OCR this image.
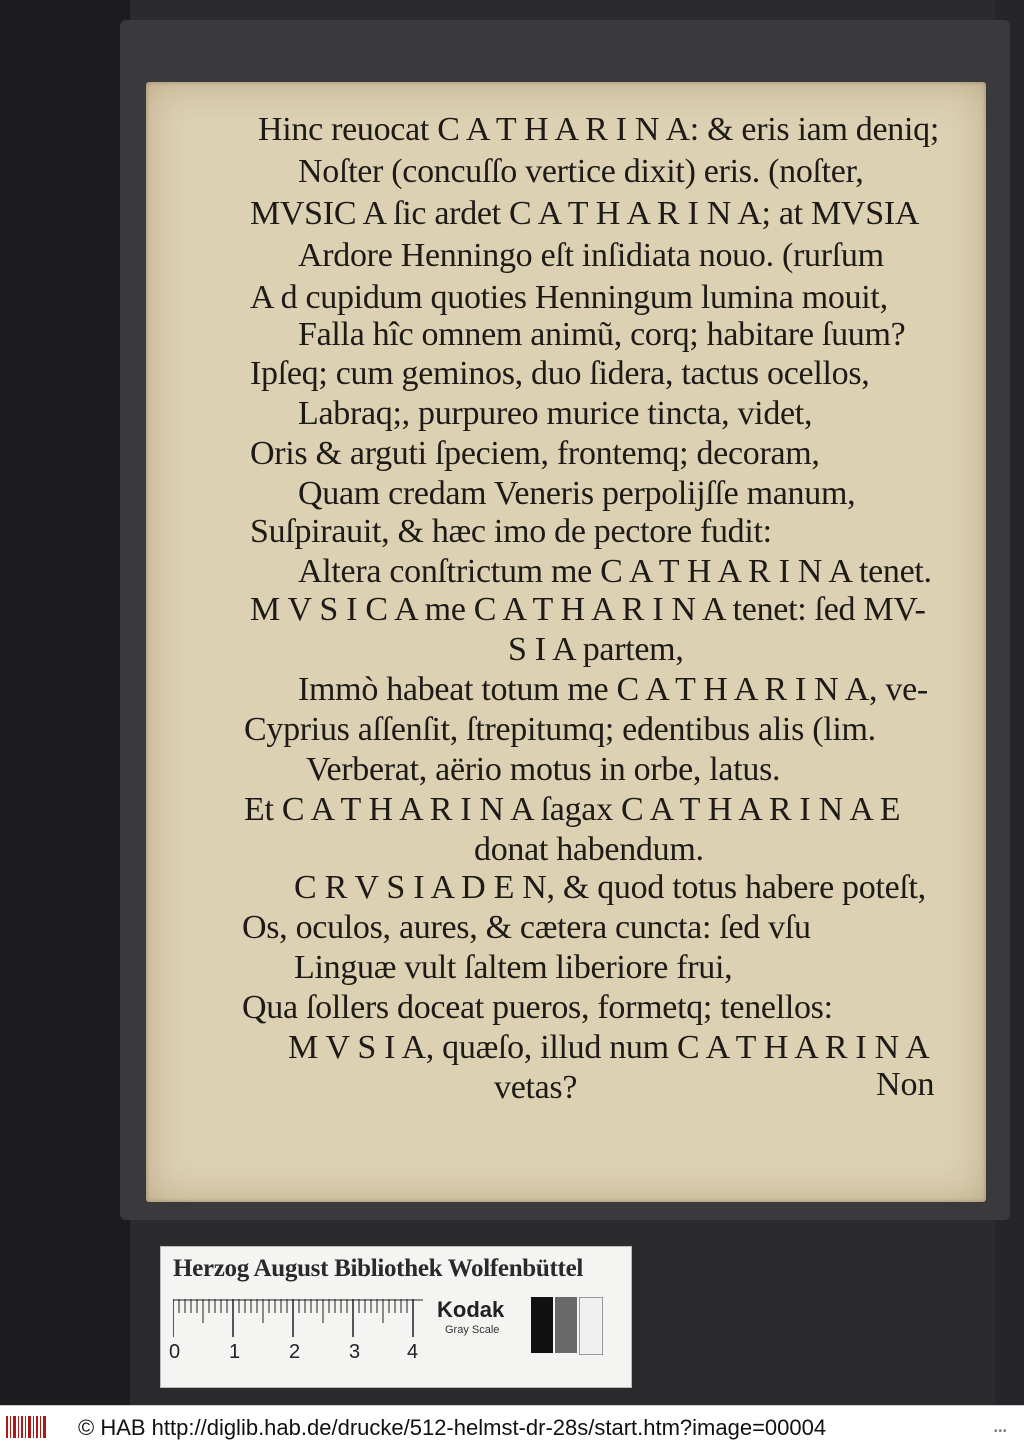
Hinc reuocat C A T H A R I N A: & eris iam deniq;
Noſter (concuſſo vertice dixit) eris. (noſter,
MVSIC A ſic ardet C A T H A R I N A; at MVSIA
Ardore Henningo eſt inſidiata nouo. (rurſum
A d cupidum quoties Henningum lumina mouit,
Falla hîc omnem animũ, corq; habitare ſuum?
Ipſeq; cum geminos, duo ſidera, tactus ocellos,
Labraq;, purpureo murice tincta, videt,
Oris & arguti ſpeciem, frontemq; decoram,
Quam credam Veneris perpolijſſe manum,
Suſpirauit, & hæc imo de pectore fudit:
Altera conſtrictum me C A T H A R I N A tenet.
M V S I C A me C A T H A R I N A tenet: ſed MV-
S I A partem,
Immò habeat totum me C A T H A R I N A, ve-
Cyprius aſſenſit, ſtrepitumq; edentibus alis (lim.
Verberat, aërio motus in orbe, latus.
Et C A T H A R I N A ſagax C A T H A R I N A E
donat habendum.
C R V S I A D E N, & quod totus habere poteſt,
Os, oculos, aures, & cætera cuncta: ſed vſu
Linguæ vult ſaltem liberiore frui,
Qua ſollers doceat pueros, formetq; tenellos:
M V S I A, quæſo, illud num C A T H A R I N A
vetas?	Non
Herzog August Bibliothek Wolfenbüttel
0 1 2 3 4
Kodak
Gray Scale
© HAB http://diglib.hab.de/drucke/512-helmst-dr-28s/start.htm?image=00004	•••
